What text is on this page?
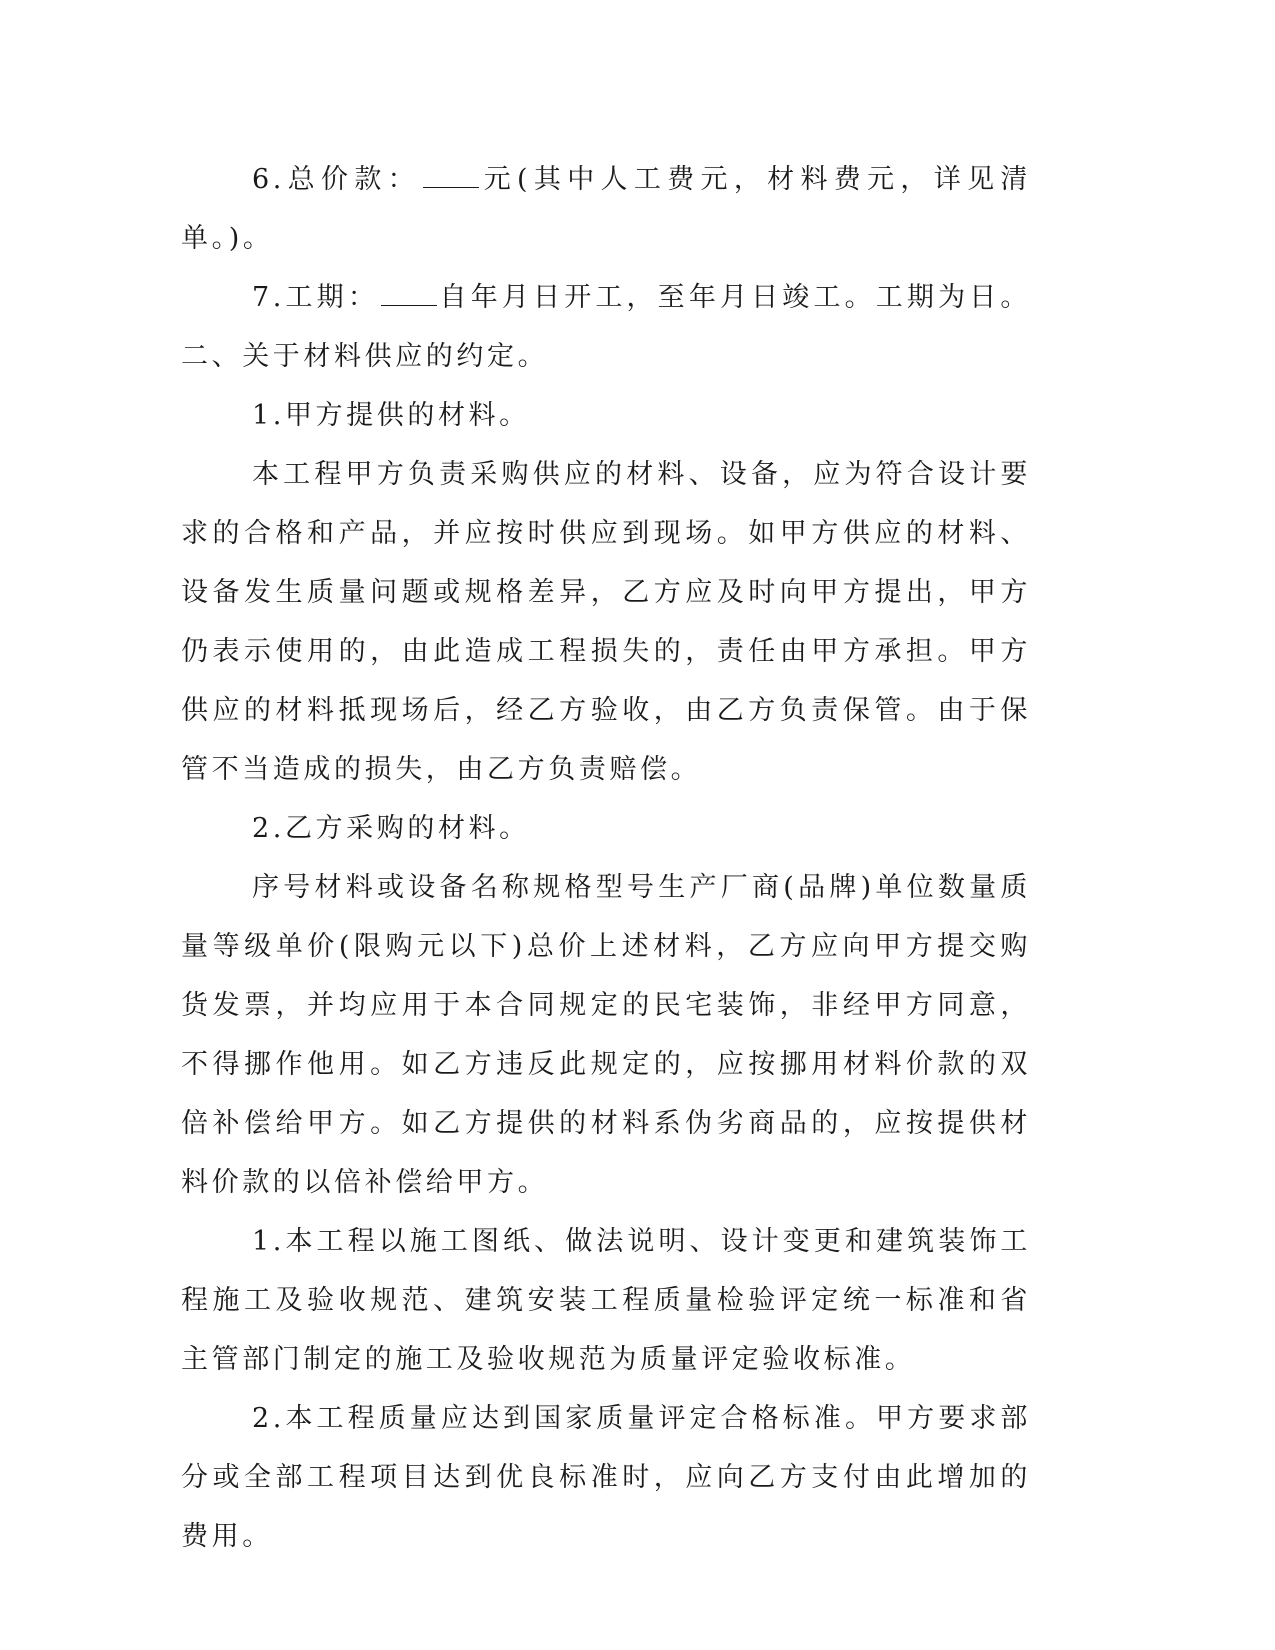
6.总价款： 元(其中人工费元，材料费元，详见清单。)。

7.工期： 自年月日开工，至年月日竣工。工期为日。二、关于材料供应的约定。

1.甲方提供的材料。

本工程甲方负责采购供应的材料、设备，应为符合设计要求的合格和产品，并应按时供应到现场。如甲方供应的材料、设备发生质量问题或规格差异，乙方应及时向甲方提出，甲方仍表示使用的，由此造成工程损失的，责任由甲方承担。甲方供应的材料抵现场后，经乙方验收，由乙方负责保管。由于保管不当造成的损失，由乙方负责赔偿。

2.乙方采购的材料。

序号材料或设备名称规格型号生产厂商(品牌)单位数量质量等级单价(限购元以下)总价上述材料，乙方应向甲方提交购货发票，并均应用于本合同规定的民宅装饰，非经甲方同意，不得挪作他用。如乙方违反此规定的，应按挪用材料价款的双倍补偿给甲方。如乙方提供的材料系伪劣商品的，应按提供材料价款的以倍补偿给甲方。

1.本工程以施工图纸、做法说明、设计变更和建筑装饰工程施工及验收规范、建筑安装工程质量检验评定统一标准和省主管部门制定的施工及验收规范为质量评定验收标准。

2.本工程质量应达到国家质量评定合格标准。甲方要求部分或全部工程项目达到优良标准时，应向乙方支付由此增加的费用。
